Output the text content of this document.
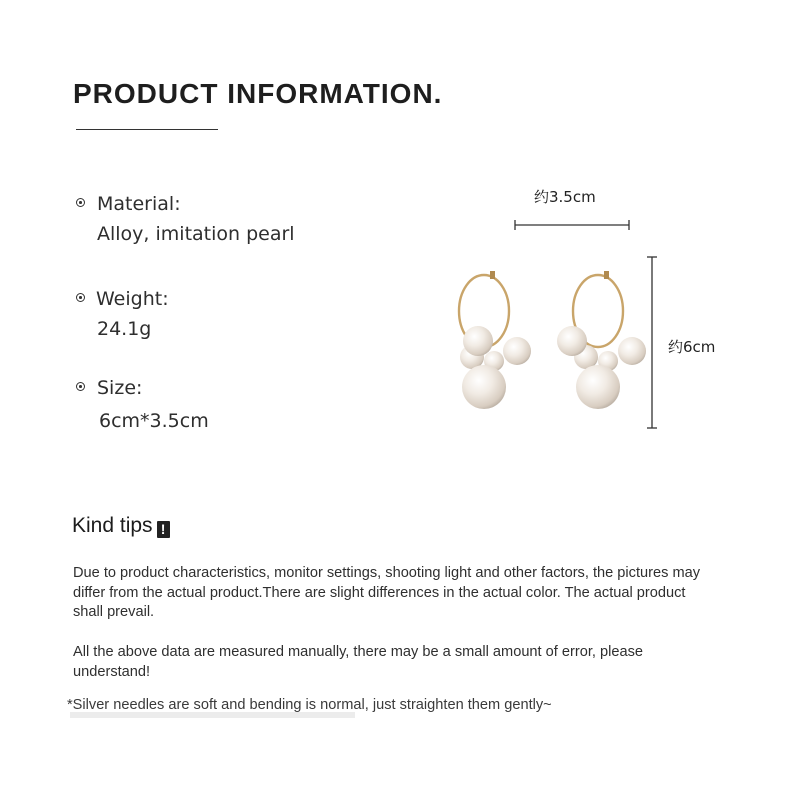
PRODUCT INFORMATION.
Material:
Alloy, imitation pearl
Weight:
24.1g
Size:
6cm*3.5cm
约3.5cm
约6cm
Kind tips !

Due to product characteristics, monitor settings, shooting light and other factors, the pictures may differ from the actual product.There are slight differences in the actual color. The actual product shall prevail.

All the above data are measured manually, there may be a small amount of error, please understand!

*Silver needles are soft and bending is normal, just straighten them gently~
